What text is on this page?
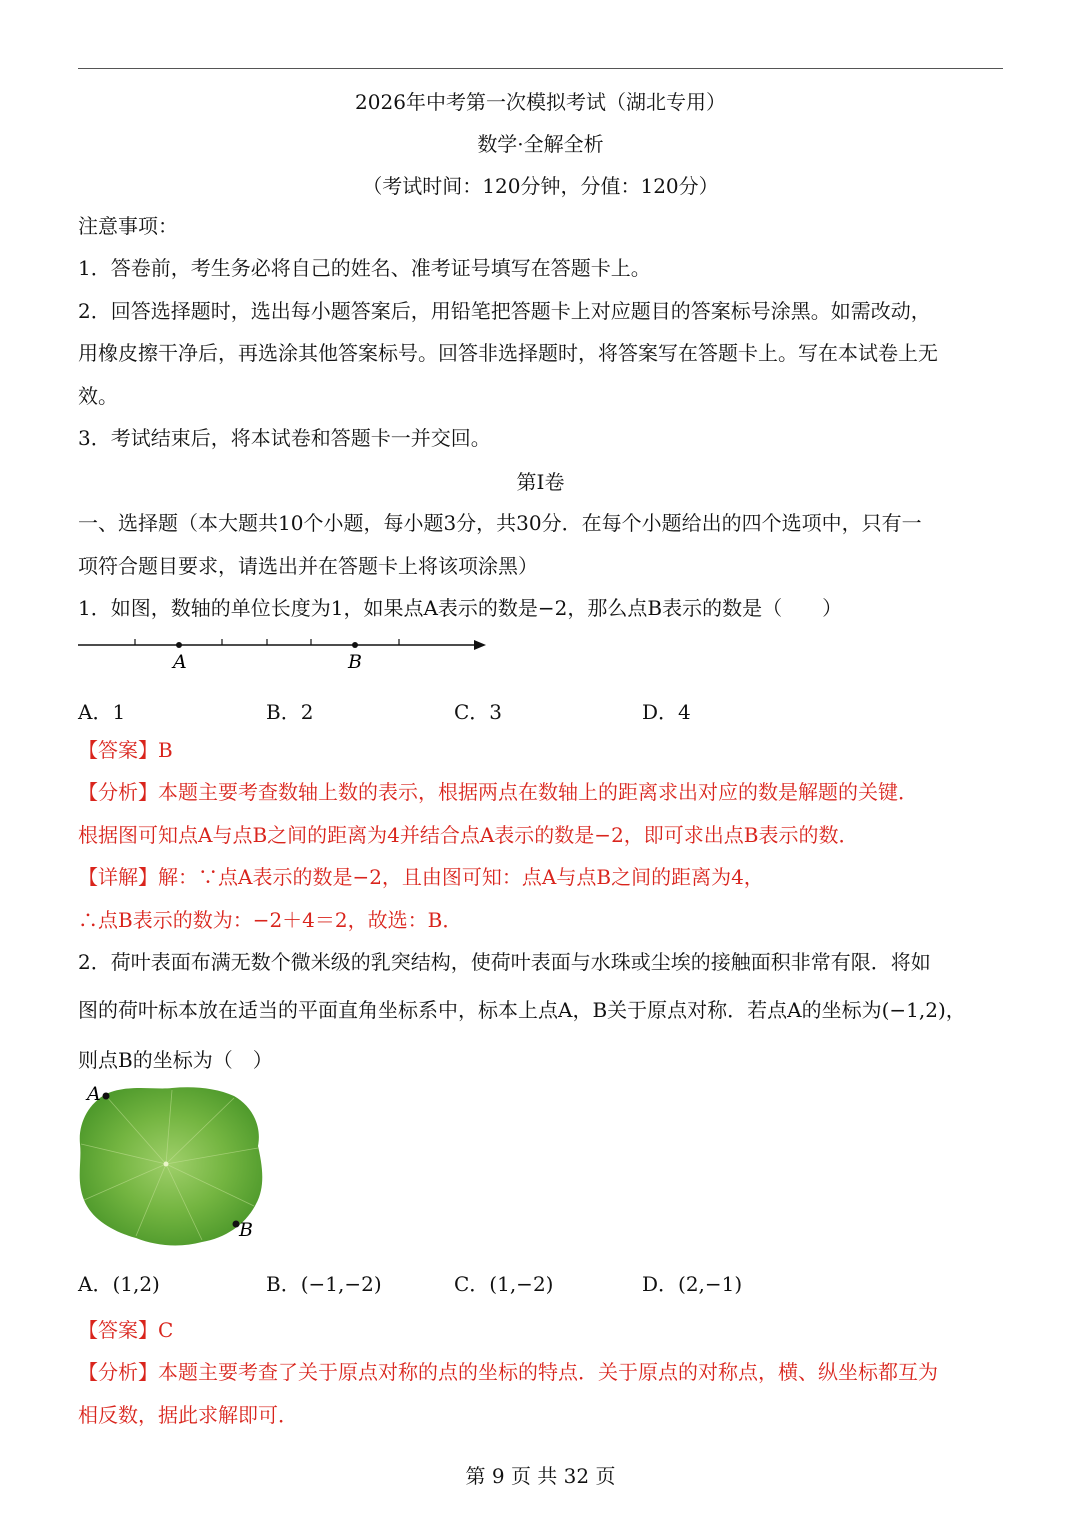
2026年中考第一次模拟考试（湖北专用）
数学·全解全析
（考试时间：120分钟，分值：120分）
注意事项：
1．答卷前，考生务必将自己的姓名、准考证号填写在答题卡上。
2．回答选择题时，选出每小题答案后，用铅笔把答题卡上对应题目的答案标号涂黑。如需改动，
用橡皮擦干净后，再选涂其他答案标号。回答非选择题时，将答案写在答题卡上。写在本试卷上无
效。
3．考试结束后，将本试卷和答题卡一并交回。
第Ⅰ卷
一、选择题（本大题共10个小题，每小题3分，共30分．在每个小题给出的四个选项中，只有一
项符合题目要求，请选出并在答题卡上将该项涂黑）
1．如图，数轴的单位长度为1，如果点A表示的数是−2，那么点B表示的数是（　　）
A	B
A．1	B．2	C．3	D．4
【答案】B
【分析】本题主要考查数轴上数的表示，根据两点在数轴上的距离求出对应的数是解题的关键．
根据图可知点A与点B之间的距离为4并结合点A表示的数是−2，即可求出点B表示的数．
【详解】解：∵点A表示的数是−2，且由图可知：点A与点B之间的距离为4，
∴点B表示的数为：−2＋4＝2，故选：B．
2．荷叶表面布满无数个微米级的乳突结构，使荷叶表面与水珠或尘埃的接触面积非常有限．将如
图的荷叶标本放在适当的平面直角坐标系中，标本上点A，B关于原点对称．若点A的坐标为(−1,2)，
则点B的坐标为（　）
A
B
A．(1,2)	B．(−1,−2)	C．(1,−2)	D．(2,−1)
【答案】C
【分析】本题主要考查了关于原点对称的点的坐标的特点．关于原点的对称点，横、纵坐标都互为
相反数，据此求解即可．
第 9 页 共 32 页
